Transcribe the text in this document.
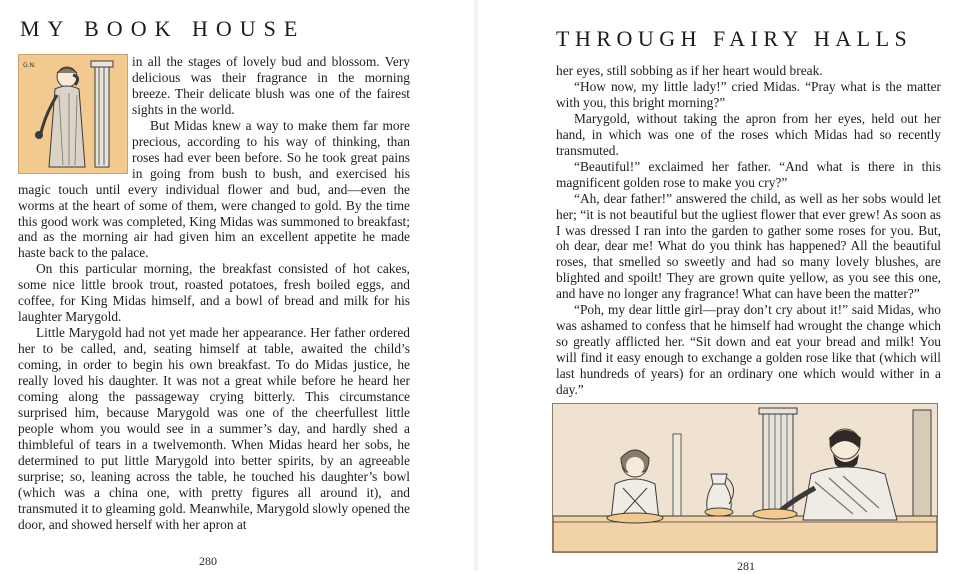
MY BOOK HOUSE
G.N.	in all the stages of lovely bud and blossom. Very delicious was their fragrance in the morning breeze. Their delicate blush was one of the fairest sights in the world.

But Midas knew a way to make them far more precious, according to his way of thinking, than roses had ever been before. So he took great pains in going from bush to bush, and exercised his magic touch until every individual flower and bud, and—even the worms at the heart of some of them, were changed to gold. By the time this good work was completed, King Midas was summoned to breakfast; and as the morning air had given him an excellent appetite he made haste back to the palace.

On this particular morning, the breakfast consisted of hot cakes, some nice little brook trout, roasted potatoes, fresh boiled eggs, and coffee, for King Midas himself, and a bowl of bread and milk for his laughter Marygold.

Little Marygold had not yet made her appearance. Her father ordered her to be called, and, seating himself at table, awaited the child’s coming, in order to begin his own breakfast. To do Midas justice, he really loved his daughter. It was not a great while before he heard her coming along the passageway crying bitterly. This circumstance surprised him, because Marygold was one of the cheerfullest little people whom you would see in a summer’s day, and hardly shed a thimbleful of tears in a twelvemonth. When Midas heard her sobs, he determined to put little Marygold into better spirits, by an agreeable surprise; so, leaning across the table, he touched his daughter’s bowl (which was a china one, with pretty figures all around it), and transmuted it to gleaming gold. Meanwhile, Marygold slowly opened the door, and showed herself with her apron at

280
THROUGH FAIRY HALLS

her eyes, still sobbing as if her heart would break.

“How now, my little lady!” cried Midas. “Pray what is the matter with you, this bright morning?”

Marygold, without taking the apron from her eyes, held out her hand, in which was one of the roses which Midas had so recently transmuted.

“Beautiful!” exclaimed her father. “And what is there in this magnificent golden rose to make you cry?”

“Ah, dear father!” answered the child, as well as her sobs would let her; “it is not beautiful but the ugliest flower that ever grew! As soon as I was dressed I ran into the garden to gather some roses for you. But, oh dear, dear me! What do you think has happened? All the beautiful roses, that smelled so sweetly and had so many lovely blushes, are blighted and spoilt! They are grown quite yellow, as you see this one, and have no longer any fragrance! What can have been the matter?”

“Poh, my dear little girl—pray don’t cry about it!” said Midas, who was ashamed to confess that he himself had wrought the change which so greatly afflicted her. “Sit down and eat your bread and milk! You will find it easy enough to exchange a golden rose like that (which will last hundreds of years) for an ordinary one which would wither in a day.”

281
